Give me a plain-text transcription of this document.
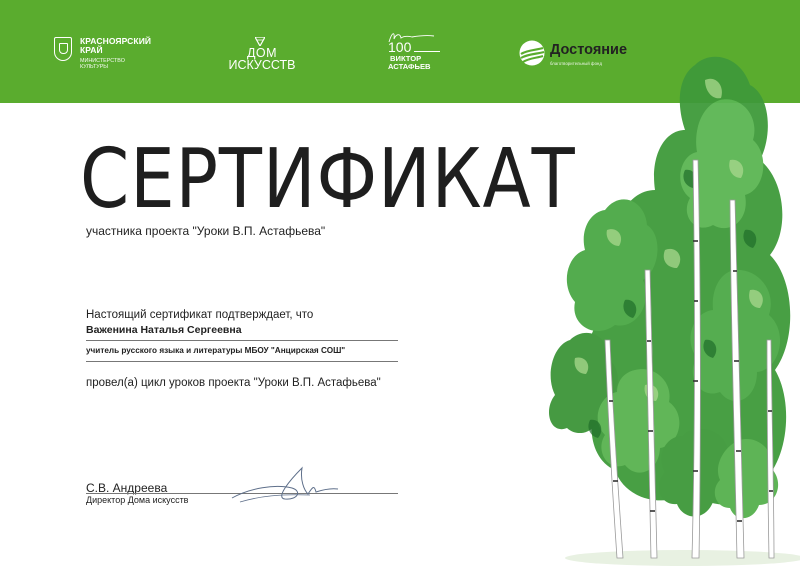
КРАСНОЯРСКИЙ
КРАЙ
МИНИСТЕРСТВО
КУЛЬТУРЫ
ДОМ
ИСКУССТВ
100
ВИКТОР
АСТАФЬЕВ
Достояние
благотворительный фонд
СЕРТИФИКАТ
участника проекта "Уроки В.П. Астафьева"
Настоящий сертификат подтверждает, что
Важенина Наталья Сергеевна
учитель русского языка и литературы МБОУ "Анцирская СОШ"
провел(а) цикл уроков проекта "Уроки В.П. Астафьева"
С.В. Андреева
Директор Дома искусств
